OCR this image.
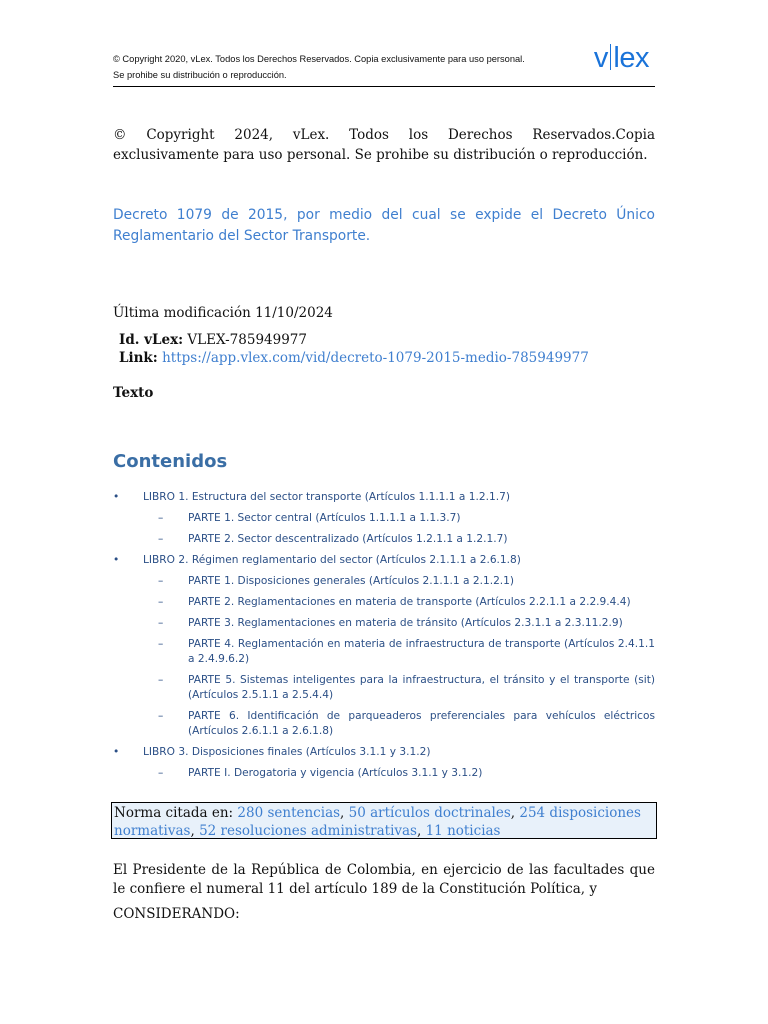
© Copyright 2020, vLex. Todos los Derechos Reservados. Copia exclusivamente para uso personal.
Se prohibe su distribución o reproducción.
v lex
© Copyright 2024, vLex. Todos los Derechos Reservados.Copia exclusivamente para uso personal. Se prohibe su distribución o reproducción.
Decreto 1079 de 2015, por medio del cual se expide el Decreto Único Reglamentario del Sector Transporte.
Última modificación 11/10/2024
Id. vLex: VLEX-785949977
Link: https://app.vlex.com/vid/decreto-1079-2015-medio-785949977
Texto
Contenidos
• LIBRO 1. Estructura del sector transporte (Artículos 1.1.1.1 a 1.2.1.7)
– PARTE 1. Sector central (Artículos 1.1.1.1 a 1.1.3.7)
– PARTE 2. Sector descentralizado (Artículos 1.2.1.1 a 1.2.1.7)
• LIBRO 2. Régimen reglamentario del sector (Artículos 2.1.1.1 a 2.6.1.8)
– PARTE 1. Disposiciones generales (Artículos 2.1.1.1 a 2.1.2.1)
– PARTE 2. Reglamentaciones en materia de transporte (Artículos 2.2.1.1 a 2.2.9.4.4)
– PARTE 3. Reglamentaciones en materia de tránsito (Artículos 2.3.1.1 a 2.3.11.2.9)
– PARTE 4. Reglamentación en materia de infraestructura de transporte (Artículos 2.4.1.1 a 2.4.9.6.2)
– PARTE 5. Sistemas inteligentes para la infraestructura, el tránsito y el transporte (sit) (Artículos 2.5.1.1 a 2.5.4.4)
– PARTE 6. Identificación de parqueaderos preferenciales para vehículos eléctricos (Artículos 2.6.1.1 a 2.6.1.8)
• LIBRO 3. Disposiciones finales (Artículos 3.1.1 y 3.1.2)
– PARTE I. Derogatoria y vigencia (Artículos 3.1.1 y 3.1.2)
Norma citada en: 280 sentencias, 50 artículos doctrinales, 254 disposiciones normativas, 52 resoluciones administrativas, 11 noticias
El Presidente de la República de Colombia, en ejercicio de las facultades que le confiere el numeral 11 del artículo 189 de la Constitución Política, y
CONSIDERANDO:
